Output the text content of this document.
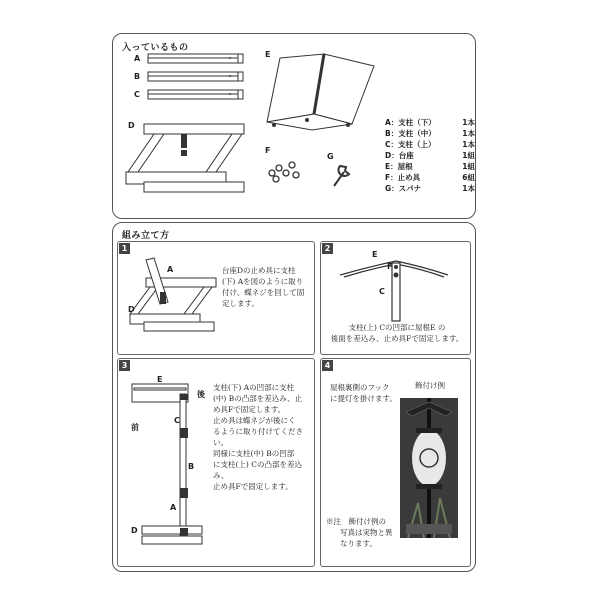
入っているもの
A
B
C
E
D
F
G
A：支柱（下）	1本
B：支柱（中）	1本
C：支柱（上）	1本
D：台座	1組
E：屋根	1組
F：止め具	6組
G：スパナ	1本
組み立て方
1
A
D
台座Dの止め具に支柱
(下) Aを図のように取り
付け、蝶ネジを回して固
定します。
2
E
F
C
支柱(上) Cの凹部に屋根E の
後面を差込み、止め具Fで固定します。
3
E
後
前
C
B
A
D
支柱(下) Aの凹部に支柱
(中) Bの凸部を差込み、止
め具Fで固定します。
止め具は蝶ネジが後にく
るように取り付けてください。
同様に支柱(中) Bの凹部
に支柱(上) Cの凸部を差込み、
止め具Fで固定します。
4
屋根裏側のフック
に提灯を掛けます。
飾付け例
※注　飾付け例の
写真は実物と異
なります。
